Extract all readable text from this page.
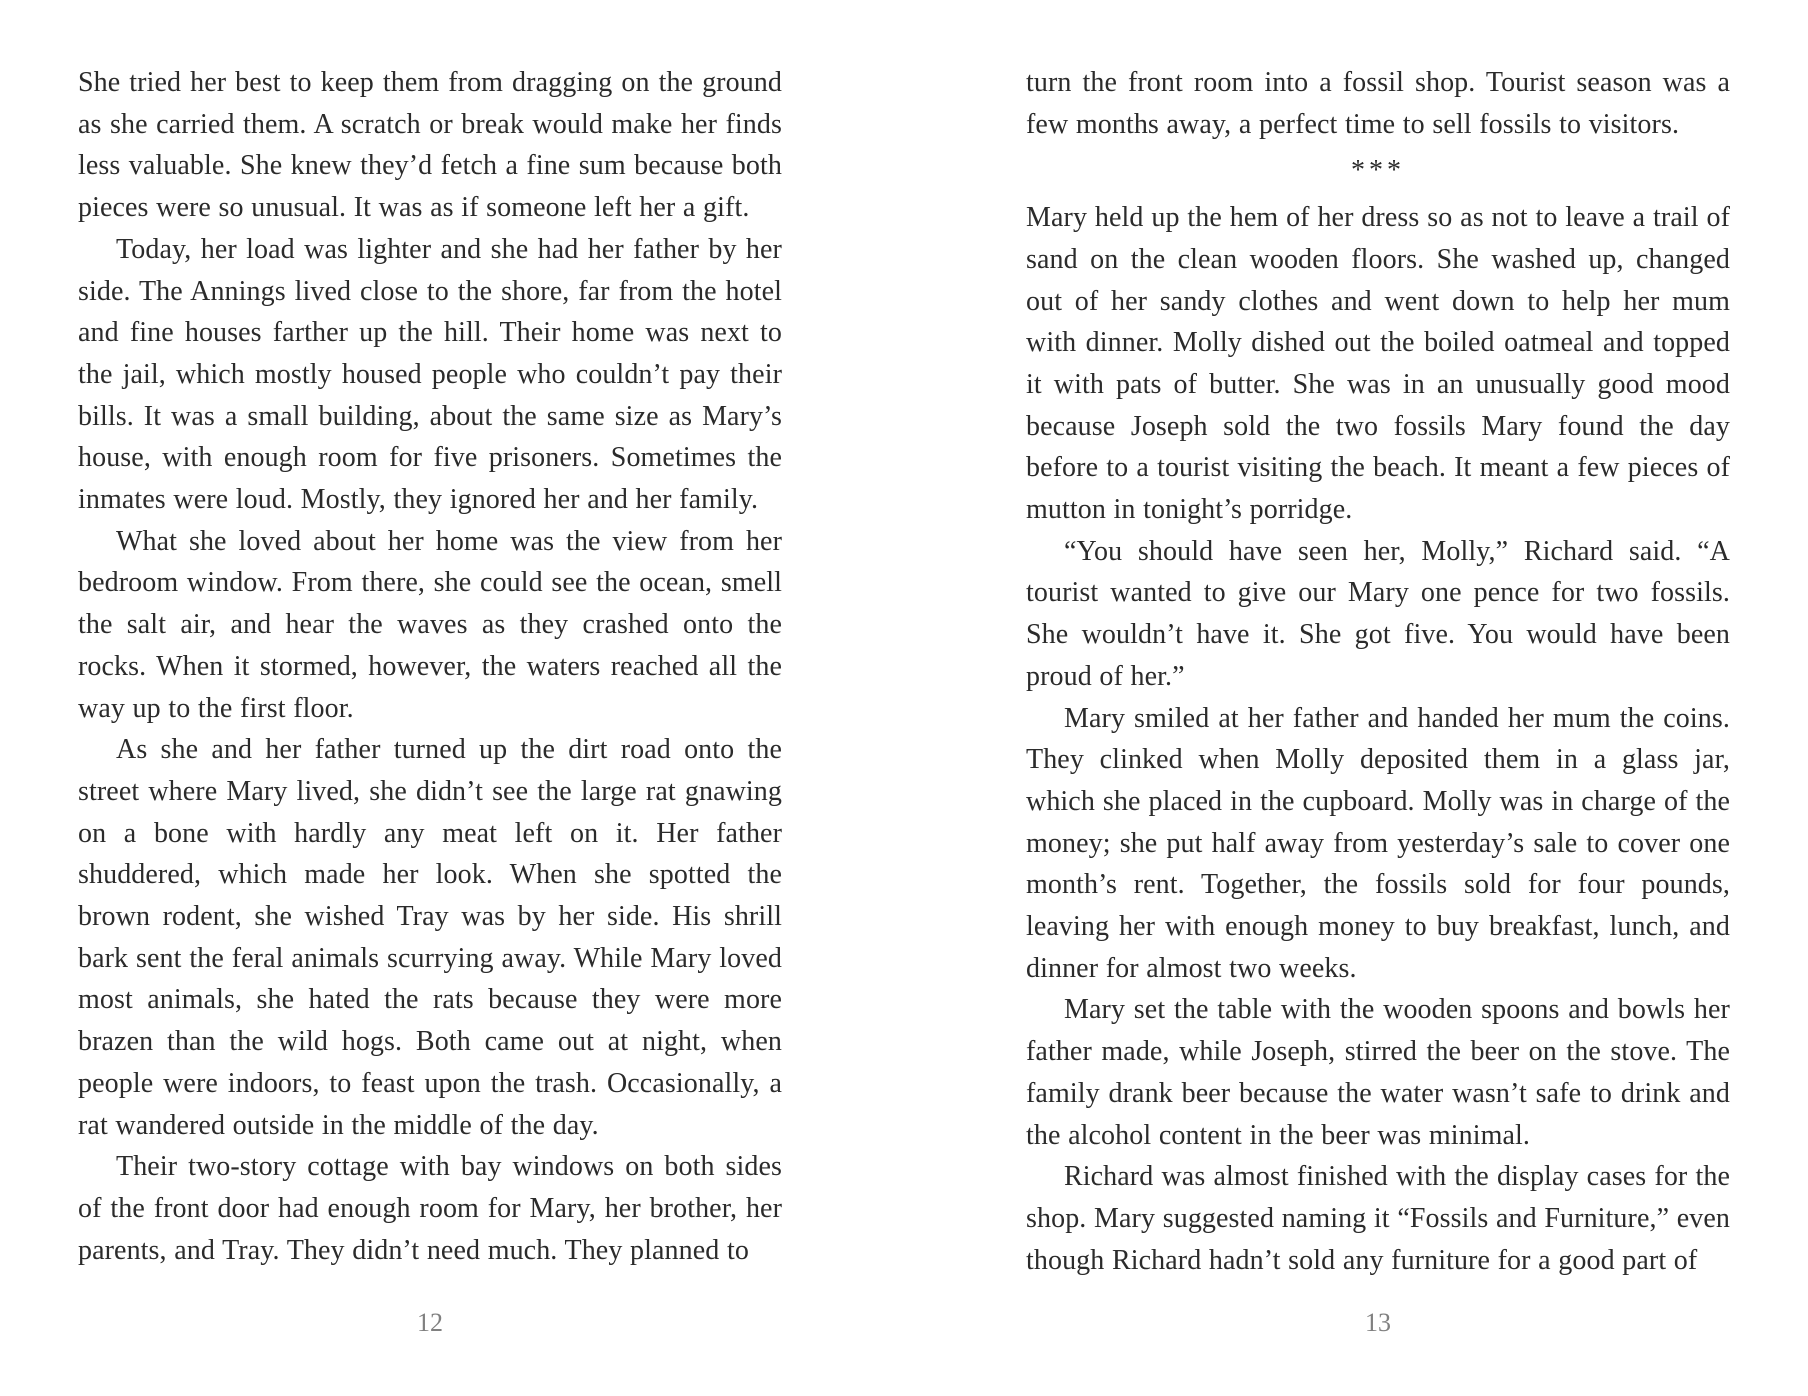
She tried her best to keep them from dragging on the ground as she carried them. A scratch or break would make her finds less valuable. She knew they’d fetch a fine sum because both pieces were so unusual. It was as if someone left her a gift.

Today, her load was lighter and she had her father by her side. The Annings lived close to the shore, far from the hotel and fine houses farther up the hill. Their home was next to the jail, which mostly housed people who couldn’t pay their bills. It was a small building, about the same size as Mary’s house, with enough room for five prisoners. Sometimes the inmates were loud. Mostly, they ignored her and her family.

What she loved about her home was the view from her bedroom window. From there, she could see the ocean, smell the salt air, and hear the waves as they crashed onto the rocks. When it stormed, however, the waters reached all the way up to the first floor.

As she and her father turned up the dirt road onto the street where Mary lived, she didn’t see the large rat gnawing on a bone with hardly any meat left on it. Her father shuddered, which made her look. When she spotted the brown rodent, she wished Tray was by her side. His shrill bark sent the feral animals scurrying away. While Mary loved most animals, she hated the rats because they were more brazen than the wild hogs. Both came out at night, when people were indoors, to feast upon the trash. Occasionally, a rat wandered outside in the middle of the day.

Their two-story cottage with bay windows on both sides of the front door had enough room for Mary, her brother, her parents, and Tray. They didn’t need much. They planned to

turn the front room into a fossil shop. Tourist season was a few months away, a perfect time to sell fossils to visitors.

***

Mary held up the hem of her dress so as not to leave a trail of sand on the clean wooden floors. She washed up, changed out of her sandy clothes and went down to help her mum with dinner. Molly dished out the boiled oatmeal and topped it with pats of butter. She was in an unusually good mood because Joseph sold the two fossils Mary found the day before to a tourist visiting the beach. It meant a few pieces of mutton in tonight’s porridge.

“You should have seen her, Molly,” Richard said. “A tourist wanted to give our Mary one pence for two fossils. She wouldn’t have it. She got five. You would have been proud of her.”

Mary smiled at her father and handed her mum the coins. They clinked when Molly deposited them in a glass jar, which she placed in the cupboard. Molly was in charge of the money; she put half away from yesterday’s sale to cover one month’s rent. Together, the fossils sold for four pounds, leaving her with enough money to buy breakfast, lunch, and dinner for almost two weeks.

Mary set the table with the wooden spoons and bowls her father made, while Joseph, stirred the beer on the stove. The family drank beer because the water wasn’t safe to drink and the alcohol content in the beer was minimal.

Richard was almost finished with the display cases for the shop. Mary suggested naming it “Fossils and Furniture,” even though Richard hadn’t sold any furniture for a good part of

12	13
